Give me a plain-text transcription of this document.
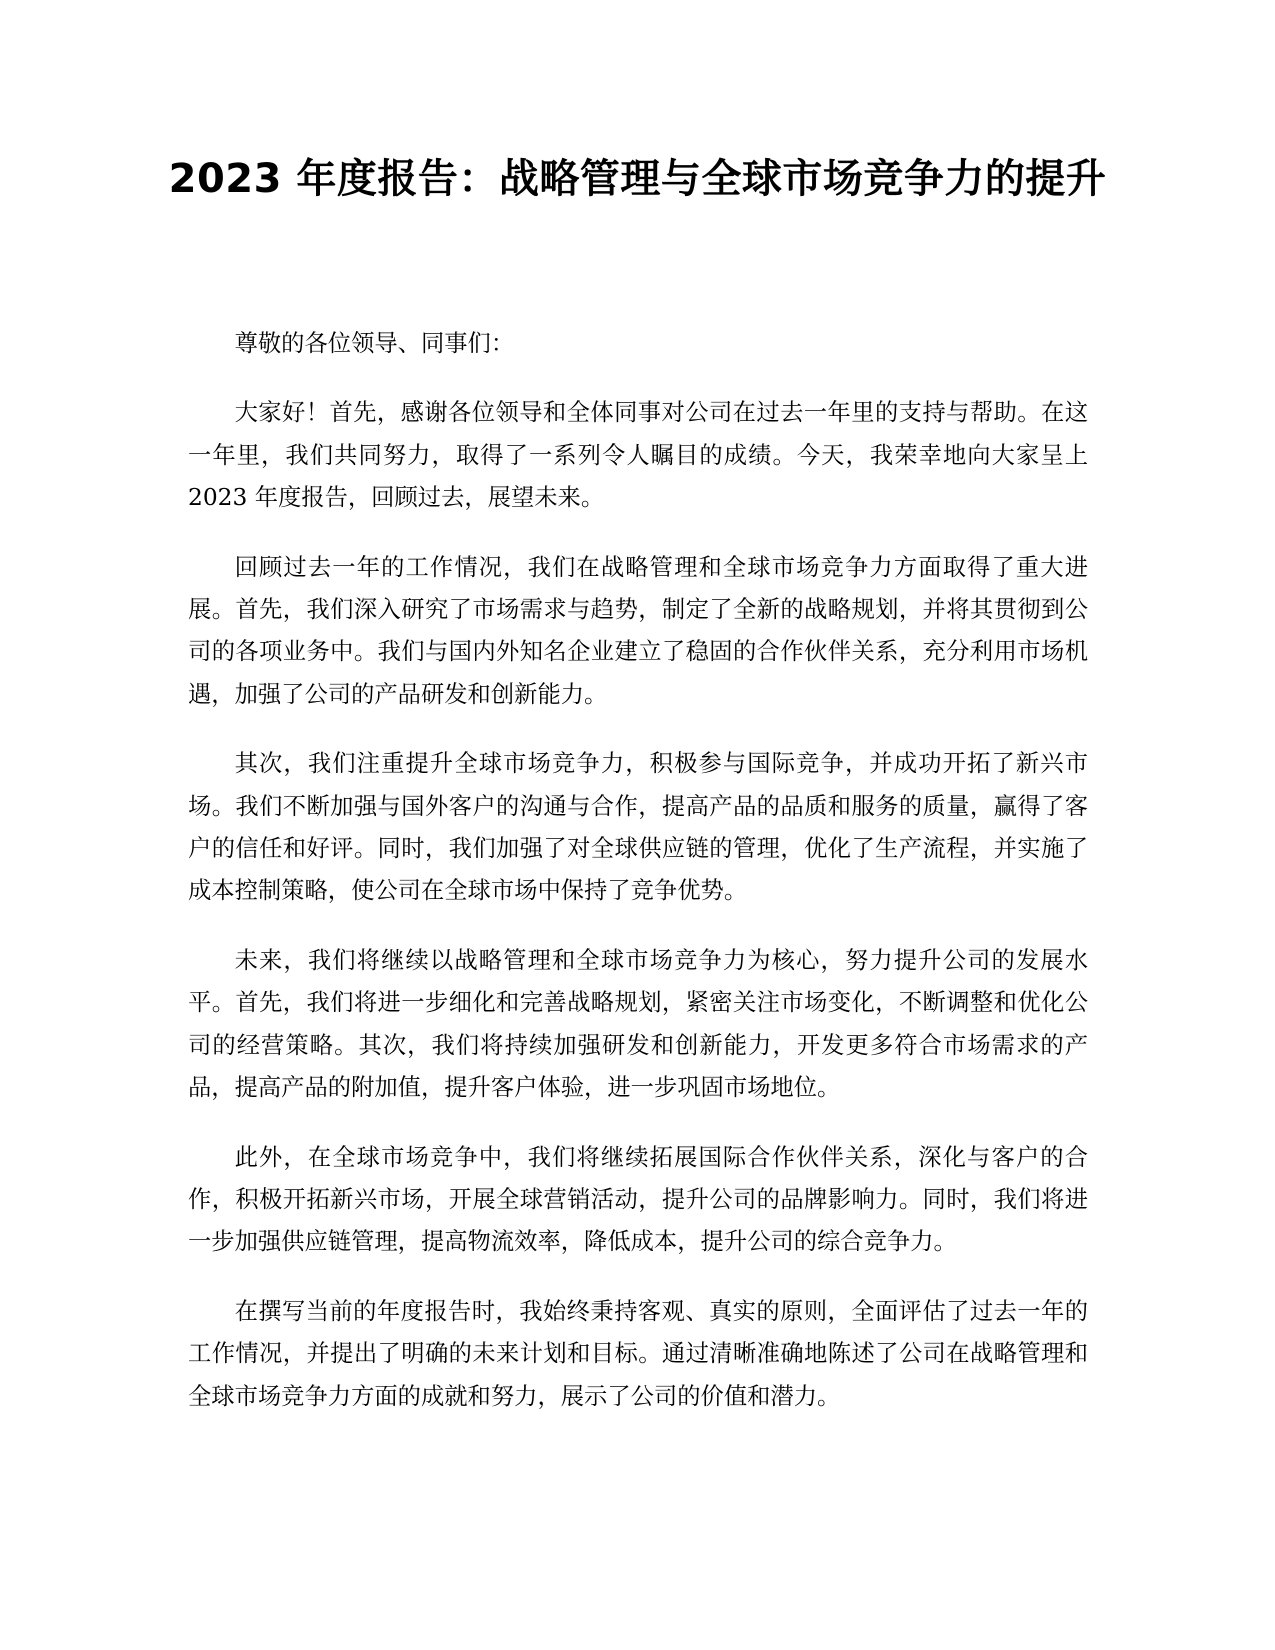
2023 年度报告：战略管理与全球市场竞争力的提升

尊敬的各位领导、同事们：

大家好！首先，感谢各位领导和全体同事对公司在过去一年里的支持与帮助。在这一年里，我们共同努力，取得了一系列令人瞩目的成绩。今天，我荣幸地向大家呈上 2023 年度报告，回顾过去，展望未来。

回顾过去一年的工作情况，我们在战略管理和全球市场竞争力方面取得了重大进展。首先，我们深入研究了市场需求与趋势，制定了全新的战略规划，并将其贯彻到公司的各项业务中。我们与国内外知名企业建立了稳固的合作伙伴关系，充分利用市场机遇，加强了公司的产品研发和创新能力。

其次，我们注重提升全球市场竞争力，积极参与国际竞争，并成功开拓了新兴市场。我们不断加强与国外客户的沟通与合作，提高产品的品质和服务的质量，赢得了客户的信任和好评。同时，我们加强了对全球供应链的管理，优化了生产流程，并实施了成本控制策略，使公司在全球市场中保持了竞争优势。

未来，我们将继续以战略管理和全球市场竞争力为核心，努力提升公司的发展水平。首先，我们将进一步细化和完善战略规划，紧密关注市场变化，不断调整和优化公司的经营策略。其次，我们将持续加强研发和创新能力，开发更多符合市场需求的产品，提高产品的附加值，提升客户体验，进一步巩固市场地位。

此外，在全球市场竞争中，我们将继续拓展国际合作伙伴关系，深化与客户的合作，积极开拓新兴市场，开展全球营销活动，提升公司的品牌影响力。同时，我们将进一步加强供应链管理，提高物流效率，降低成本，提升公司的综合竞争力。

在撰写当前的年度报告时，我始终秉持客观、真实的原则，全面评估了过去一年的工作情况，并提出了明确的未来计划和目标。通过清晰准确地陈述了公司在战略管理和全球市场竞争力方面的成就和努力，展示了公司的价值和潜力。
